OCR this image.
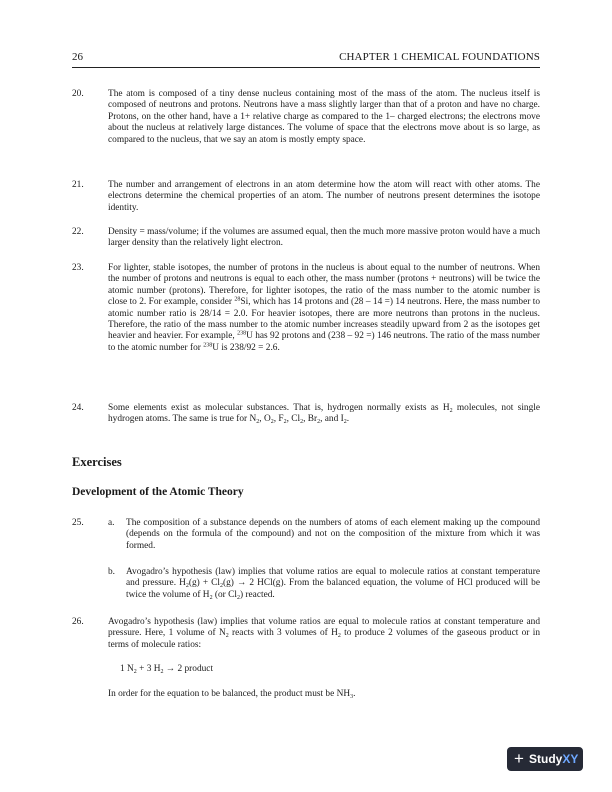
26	CHAPTER 1 CHEMICAL FOUNDATIONS
20.	The atom is composed of a tiny dense nucleus containing most of the mass of the atom. The nucleus itself is composed of neutrons and protons. Neutrons have a mass slightly larger than that of a proton and have no charge. Protons, on the other hand, have a 1+ relative charge as compared to the 1– charged electrons; the electrons move about the nucleus at relatively large distances. The volume of space that the electrons move about is so large, as compared to the nucleus, that we say an atom is mostly empty space.
21.	The number and arrangement of electrons in an atom determine how the atom will react with other atoms. The electrons determine the chemical properties of an atom. The number of neutrons present determines the isotope identity.
22.	Density = mass/volume; if the volumes are assumed equal, then the much more massive proton would have a much larger density than the relatively light electron.
23.	For lighter, stable isotopes, the number of protons in the nucleus is about equal to the number of neutrons. When the number of protons and neutrons is equal to each other, the mass number (protons + neutrons) will be twice the atomic number (protons). Therefore, for lighter isotopes, the ratio of the mass number to the atomic number is close to 2. For example, consider $^{28}$Si, which has 14 protons and (28 – 14 =) 14 neutrons. Here, the mass number to atomic number ratio is 28/14 = 2.0. For heavier isotopes, there are more neutrons than protons in the nucleus. Therefore, the ratio of the mass number to the atomic number increases steadily upward from 2 as the isotopes get heavier and heavier. For example, $^{238}$U has 92 protons and (238 – 92 =) 146 neutrons. The ratio of the mass number to the atomic number for $^{238}$U is 238/92 = 2.6.
24.	Some elements exist as molecular substances. That is, hydrogen normally exists as $H_2$ molecules, not single hydrogen atoms. The same is true for $N_2$, $O_2$, $F_2$, $Cl_2$, $Br_2$, and $I_2$.
Exercises
Development of the Atomic Theory
25.	a. The composition of a substance depends on the numbers of atoms of each element making up the compound (depends on the formula of the compound) and not on the composition of the mixture from which it was formed.
b. Avogadro’s hypothesis (law) implies that volume ratios are equal to molecule ratios at constant temperature and pressure. $H_2(g) + Cl_2(g) \to 2$ HCl(g). From the balanced equation, the volume of HCl produced will be twice the volume of $H_2$ (or $Cl_2$) reacted.
26.	Avogadro’s hypothesis (law) implies that volume ratios are equal to molecule ratios at constant temperature and pressure. Here, 1 volume of $N_2$ reacts with 3 volumes of $H_2$ to produce 2 volumes of the gaseous product or in terms of molecule ratios:
1 $N_2 + 3$ $H_2 \to 2$ product
In order for the equation to be balanced, the product must be $NH_3$.
+ StudyXY
